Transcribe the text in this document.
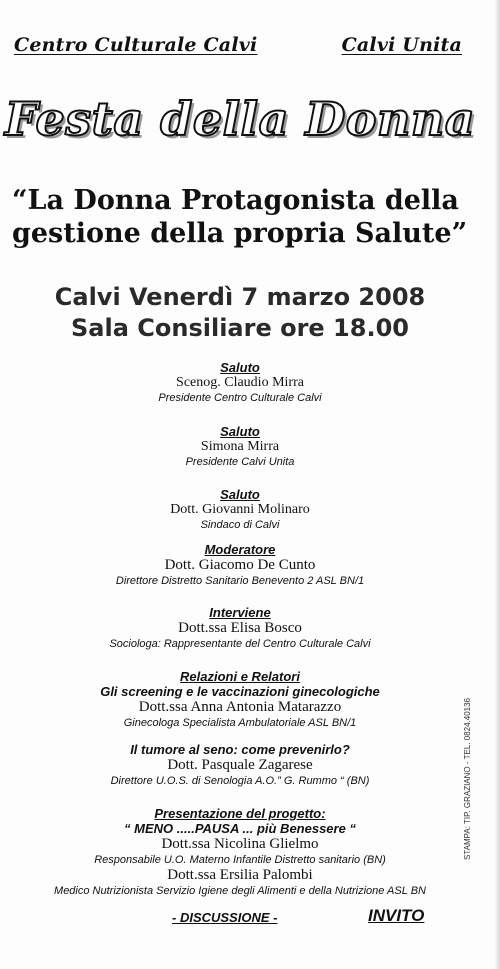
Centro Culturale Calvi	Calvi Unita
Festa della Donna
“La Donna Protagonista della
gestione della propria Salute”
Calvi Venerdì 7 marzo 2008
Sala Consiliare ore 18.00
Saluto
Scenog. Claudio Mirra
Presidente Centro Culturale Calvi
Saluto
Simona Mirra
Presidente Calvi Unita
Saluto
Dott. Giovanni Molinaro
Sindaco di Calvi
Moderatore
Dott. Giacomo De Cunto
Direttore Distretto Sanitario Benevento 2 ASL BN/1
Interviene
Dott.ssa Elisa Bosco
Sociologa: Rappresentante del Centro Culturale Calvi
Relazioni e Relatori
Gli screening e le vaccinazioni ginecologiche
Dott.ssa Anna Antonia Matarazzo
Ginecologa Specialista Ambulatoriale ASL BN/1
Il tumore al seno: come prevenirlo?
Dott. Pasquale Zagarese
Direttore U.O.S. di Senologia A.O.” G. Rummo “ (BN)
Presentazione del progetto:
“ MENO .....PAUSA ... più Benessere “
Dott.ssa Nicolina Glielmo
Responsabile U.O. Materno Infantile Distretto sanitario (BN)
Dott.ssa Ersilia Palombi
Medico Nutrizionista Servizio Igiene degli Alimenti e della Nutrizione ASL BN
- DISCUSSIONE -	INVITO
STAMPA: TIP. GRAZIANO - TEL. 0824.40136
